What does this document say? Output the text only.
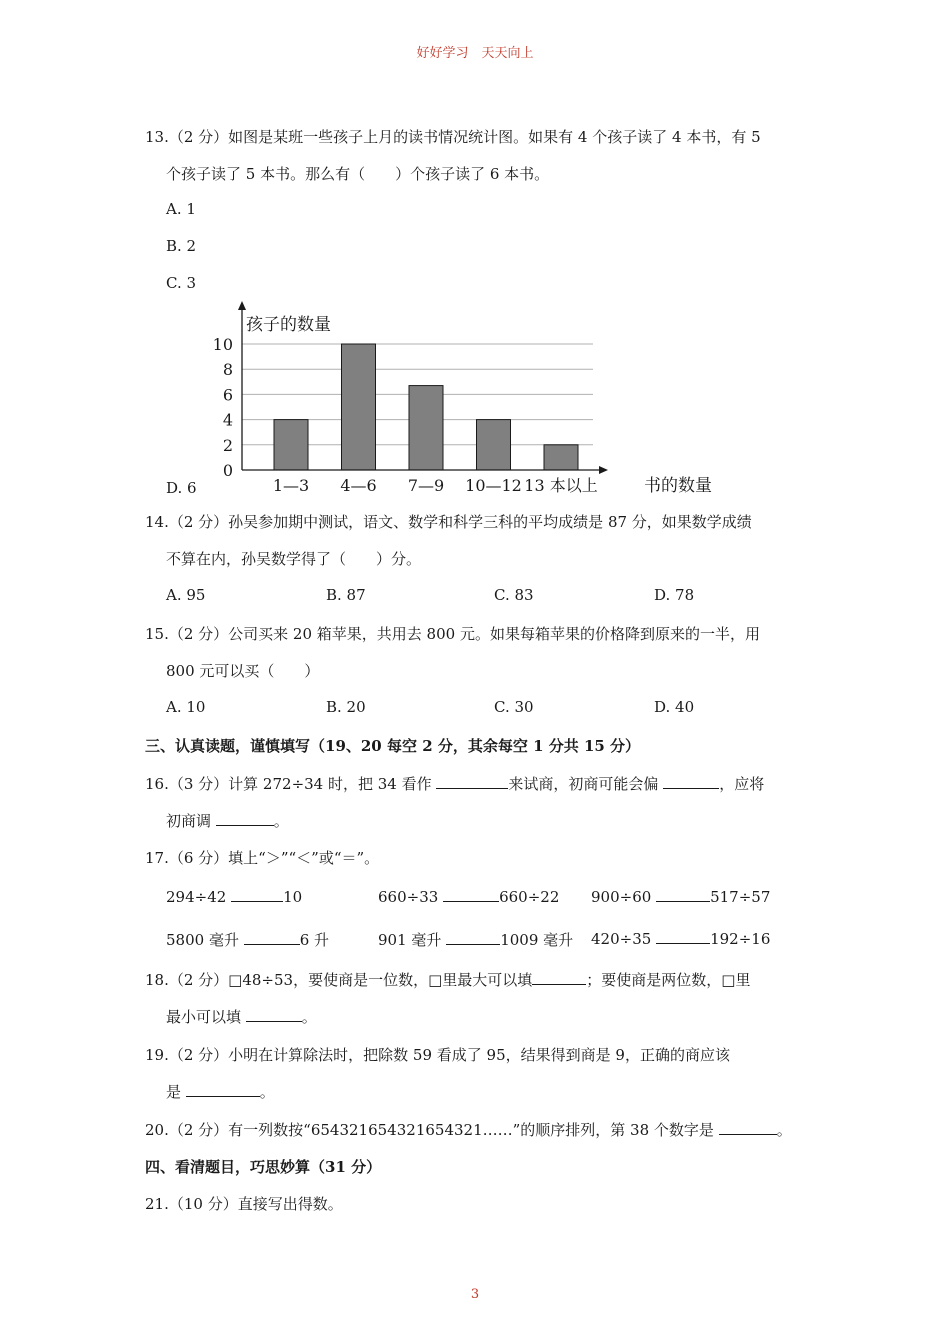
好好学习　天天向上
13.（2 分）如图是某班一些孩子上月的读书情况统计图。如果有 4 个孩子读了 4 本书，有 5
个孩子读了 5 本书。那么有（　　）个孩子读了 6 本书。
A. 1
B. 2
C. 3
0
2
4
6
8
10
1—3 4—6 7—9 10—12 13 本以上
孩子的数量
书的数量
D. 6
14.（2 分）孙吴参加期中测试，语文、数学和科学三科的平均成绩是 87 分，如果数学成绩
不算在内，孙吴数学得了（　　）分。
A. 95	B. 87	C. 83	D. 78
15.（2 分）公司买来 20 箱苹果，共用去 800 元。如果每箱苹果的价格降到原来的一半，用
800 元可以买（　　）
A. 10	B. 20	C. 30	D. 40
三、认真读题，谨慎填写（19、20 每空 2 分，其余每空 1 分共 15 分）
16.（3 分）计算 272÷34 时，把 34 看作	来试商，初商可能会偏	，应将
初商调	。
17.（6 分）填上“＞”“＜”或“＝”。
294÷42	10	660÷33	660÷22 900÷60	517÷57
5800 毫升	6 升	901 毫升	1009 毫升 420÷35	192÷16
18.（2 分）□48÷53，要使商是一位数，□里最大可以填	；要使商是两位数，□里
最小可以填	。
19.（2 分）小明在计算除法时，把除数 59 看成了 95，结果得到商是 9，正确的商应该
是	。
20.（2 分）有一列数按“654321654321654321……”的顺序排列，第 38 个数字是	。
四、看清题目，巧思妙算（31 分）
21.（10 分）直接写出得数。
3
